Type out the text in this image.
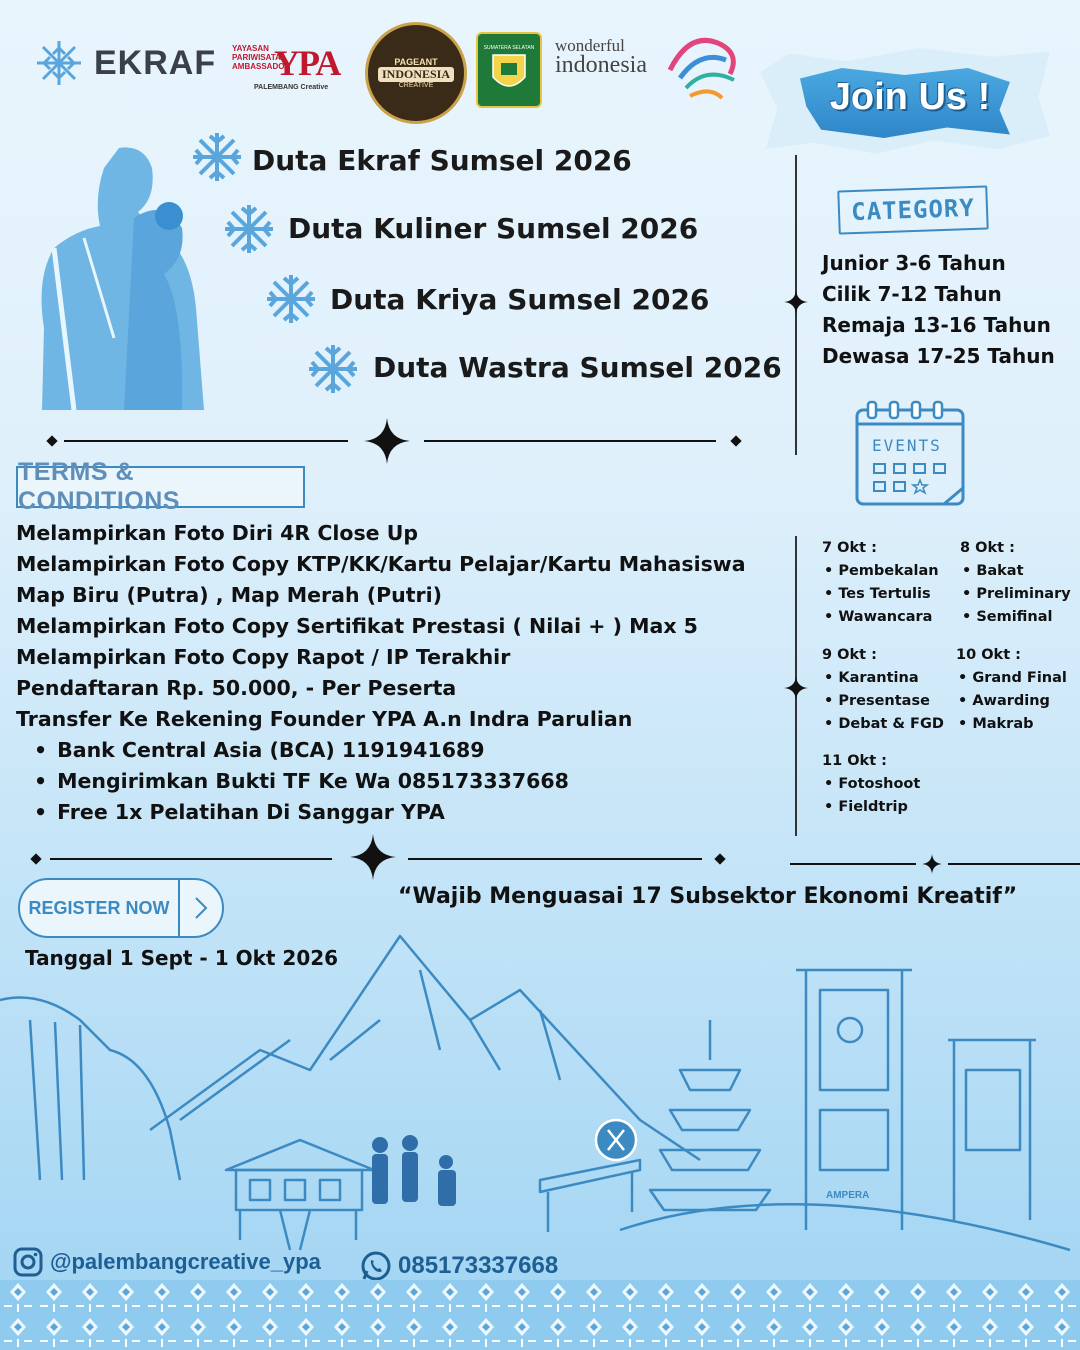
EKRAF YAYASAN
PARIWISATA
AMBASSADOR
YPA
PALEMBANG Creative
PAGEANT
INDONESIA
CREATIVE
SUMATERA SELATAN wonderful
indonesia
Join Us !
Duta Ekraf Sumsel 2026
Duta Kuliner Sumsel 2026
Duta Kriya Sumsel 2026
Duta Wastra Sumsel 2026
CATEGORY
Junior 3-6 Tahun
Cilik 7-12 Tahun
Remaja 13-16 Tahun
Dewasa 17-25 Tahun
EVENTS
TERMS & CONDITIONS
Melampirkan Foto Diri 4R Close Up
Melampirkan Foto Copy KTP/KK/Kartu Pelajar/Kartu Mahasiswa
Map Biru (Putra) , Map Merah (Putri)
Melampirkan Foto Copy Sertifikat Prestasi ( Nilai + ) Max 5
Melampirkan Foto Copy Rapot / IP Terakhir
Pendaftaran Rp. 50.000, - Per Peserta
Transfer Ke Rekening Founder YPA A.n Indra Parulian
• Bank Central Asia (BCA) 1191941689
• Mengirimkan Bukti TF Ke Wa 085173337668
• Free 1x Pelatihan Di Sanggar YPA
7 Okt :
• Pembekalan
• Tes Tertulis
• Wawancara
8 Okt :
• Bakat
• Preliminary
• Semifinal
9 Okt :
• Karantina
• Presentase
• Debat & FGD
10 Okt :
• Grand Final
• Awarding
• Makrab
11 Okt :
• Fotoshoot
• Fieldtrip
REGISTER NOW
Tanggal 1 Sept - 1 Okt 2026
“Wajib Menguasai 17 Subsektor Ekonomi Kreatif”
AMPERA
@palembangcreative_ypa	085173337668
